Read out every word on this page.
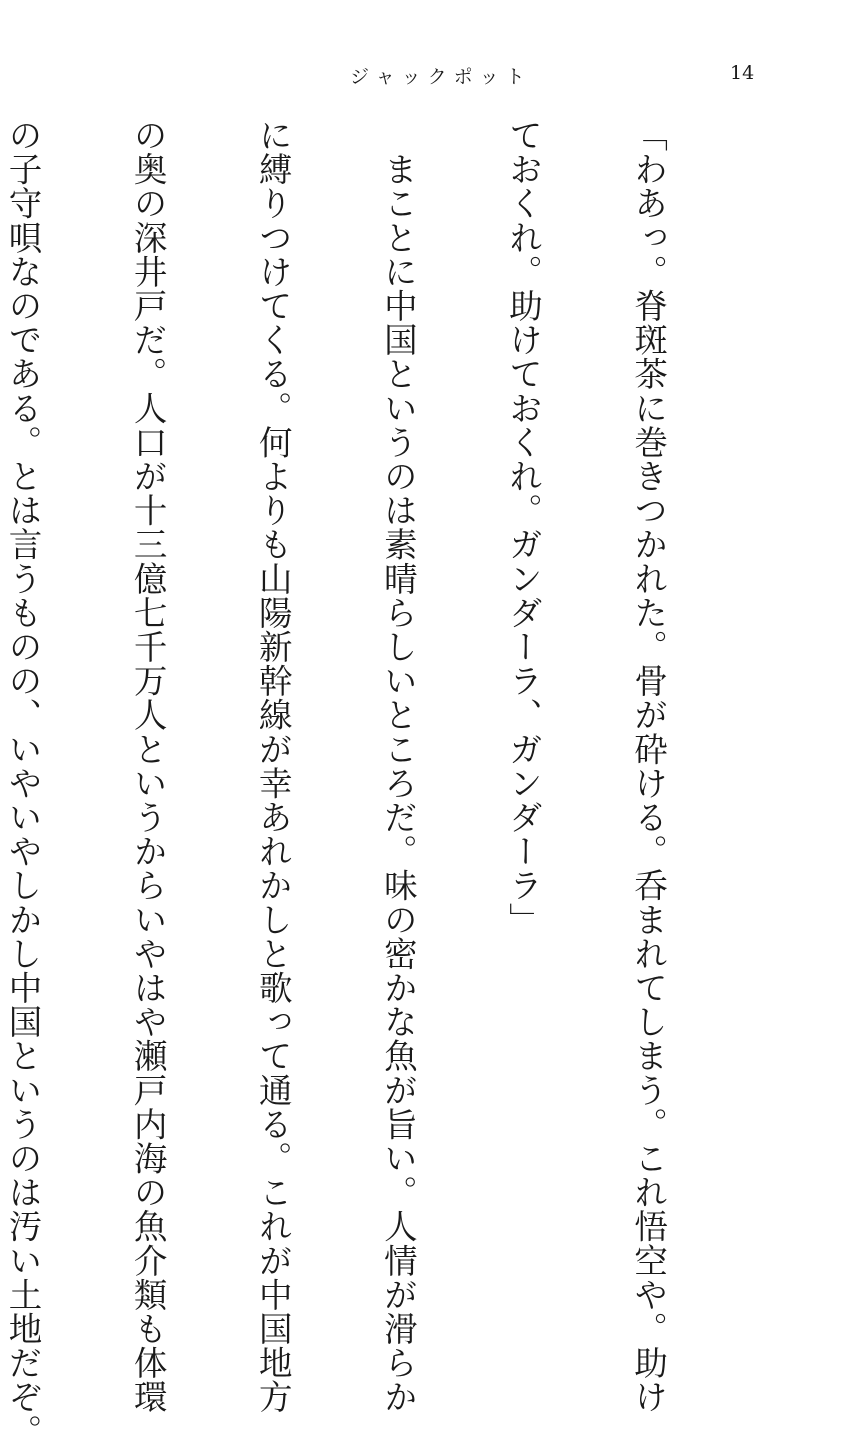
ジャックポット	14

「わあっ。脊斑茶に巻きつかれた。骨が砕ける。呑まれてしまう。これ悟空や。助け

ておくれ。助けておくれ。ガンダーラ、ガンダーラ」

　まことに中国というのは素晴らしいところだ。味の密かな魚が旨い。人情が滑らか

に縛りつけてくる。何よりも山陽新幹線が幸あれかしと歌って通る。これが中国地方

の奥の深井戸だ。人口が十三億七千万人というからいやはや瀬戸内海の魚介類も体環

の子守唄なのである。とは言うものの、いやいやしかし中国というのは汚い土地だぞ。
